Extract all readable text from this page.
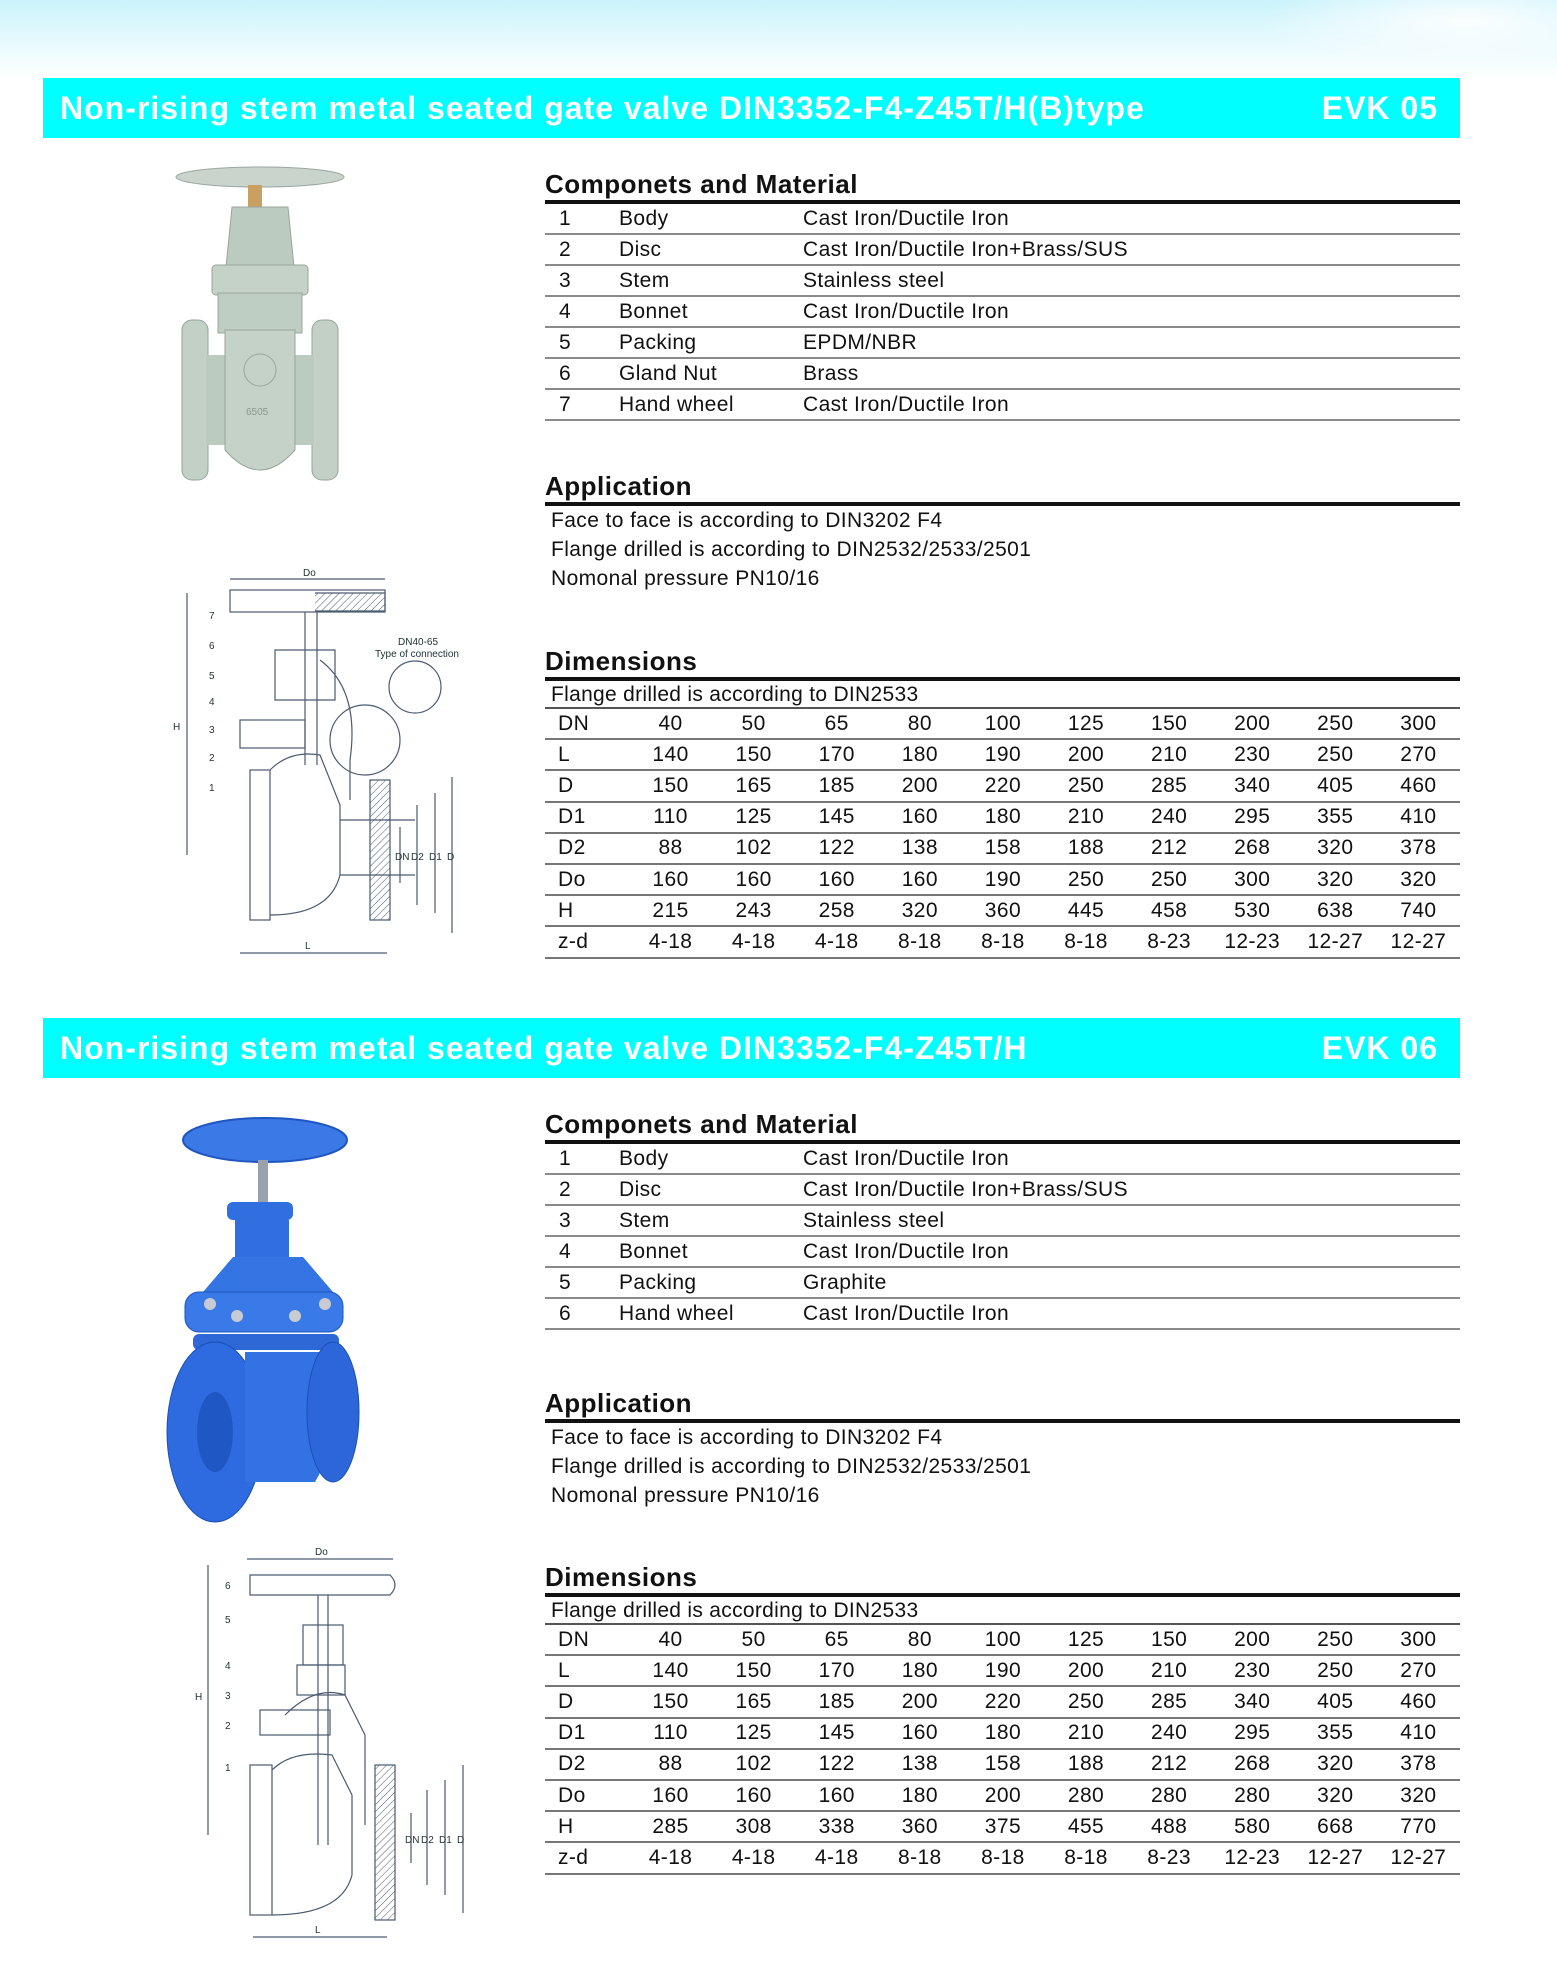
Non-rising stem metal seated gate valve DIN3352-F4-Z45T/H(B)type	EVK 05
6505
Do
DN40-65
Type of connection
H
L
DN D2 D1 D
7
6
5
4
3
2
1
Componets and Material
1	Body	Cast Iron/Ductile Iron
2	Disc	Cast Iron/Ductile Iron+Brass/SUS
3	Stem	Stainless steel
4	Bonnet	Cast Iron/Ductile Iron
5	Packing	EPDM/NBR
6	Gland Nut	Brass
7	Hand wheel	Cast Iron/Ductile Iron
Application
Face to face is according to DIN3202 F4
Flange drilled is according to DIN2532/2533/2501
Nomonal pressure PN10/16
Dimensions
Flange drilled is according to DIN2533
DN	40	50	65	80	100	125	150	200	250	300
L	140	150	170	180	190	200	210	230	250	270
D	150	165	185	200	220	250	285	340	405	460
D1	110	125	145	160	180	210	240	295	355	410
D2	88	102	122	138	158	188	212	268	320	378
Do	160	160	160	160	190	250	250	300	320	320
H	215	243	258	320	360	445	458	530	638	740
z-d	4-18	4-18	4-18	8-18	8-18	8-18	8-23	12-23	12-27	12-27
Non-rising stem metal seated gate valve DIN3352-F4-Z45T/H	EVK 06
Do
H
L
DN D2 D1 D
6
5
4
3
2
1
Componets and Material
1	Body	Cast Iron/Ductile Iron
2	Disc	Cast Iron/Ductile Iron+Brass/SUS
3	Stem	Stainless steel
4	Bonnet	Cast Iron/Ductile Iron
5	Packing	Graphite
6	Hand wheel	Cast Iron/Ductile Iron
Application
Face to face is according to DIN3202 F4
Flange drilled is according to DIN2532/2533/2501
Nomonal pressure PN10/16
Dimensions
Flange drilled is according to DIN2533
DN	40	50	65	80	100	125	150	200	250	300
L	140	150	170	180	190	200	210	230	250	270
D	150	165	185	200	220	250	285	340	405	460
D1	110	125	145	160	180	210	240	295	355	410
D2	88	102	122	138	158	188	212	268	320	378
Do	160	160	160	180	200	280	280	280	320	320
H	285	308	338	360	375	455	488	580	668	770
z-d	4-18	4-18	4-18	8-18	8-18	8-18	8-23	12-23	12-27	12-27
